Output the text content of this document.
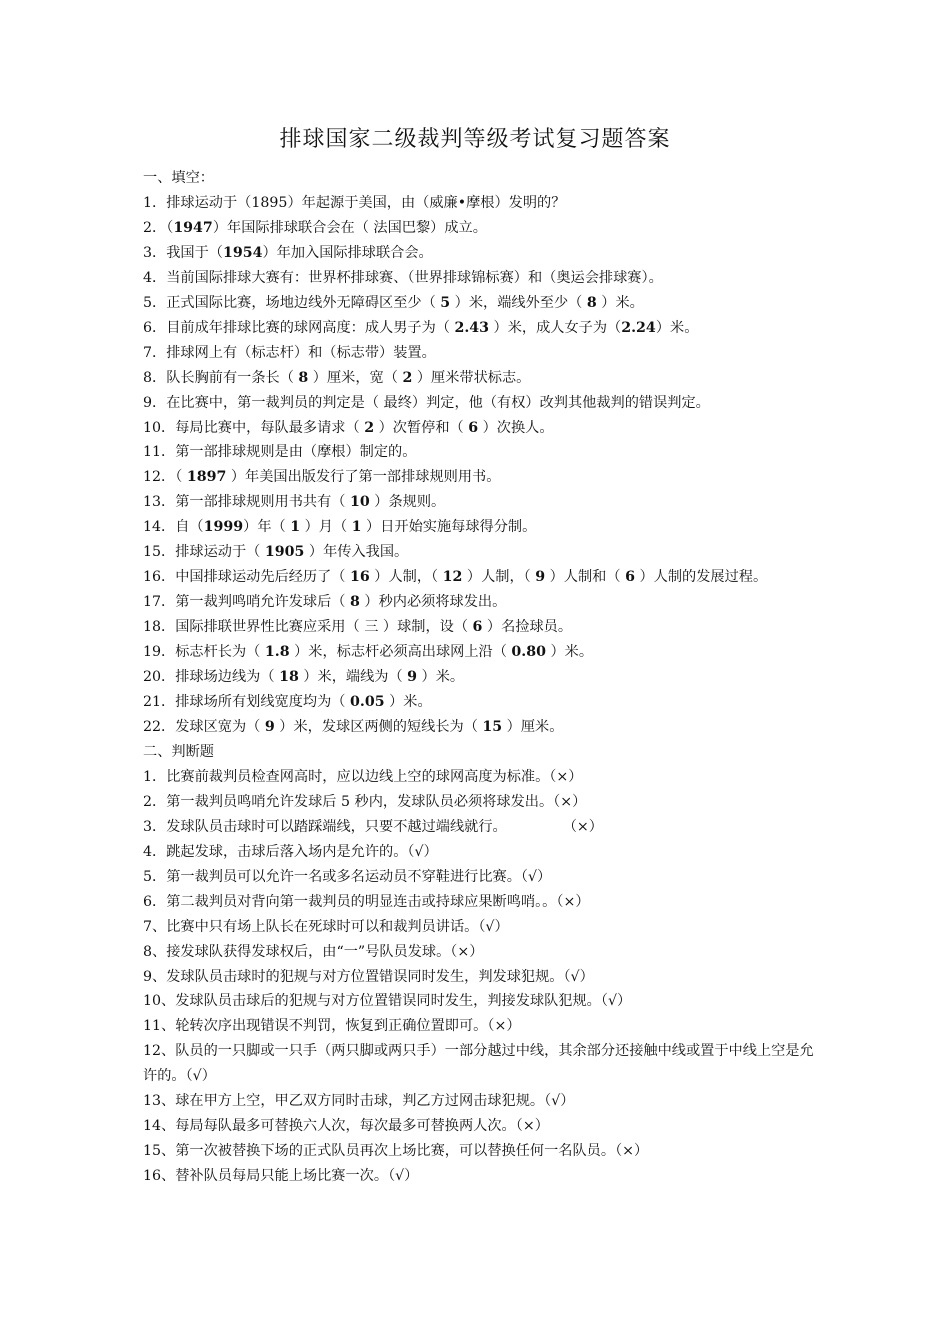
排球国家二级裁判等级考试复习题答案
一、填空：
1．排球运动于（1895）年起源于美国，由（威廉•摩根）发明的？
2．（1947）年国际排球联合会在（ 法国巴黎）成立。
3．我国于（1954）年加入国际排球联合会。
4．当前国际排球大赛有：世界杯排球赛、（世界排球锦标赛）和（奥运会排球赛）。
5．正式国际比赛，场地边线外无障碍区至少（ 5 ）米，端线外至少（ 8 ）米。
6．目前成年排球比赛的球网高度：成人男子为（ 2.43 ）米，成人女子为（2.24）米。
7．排球网上有（标志杆）和（标志带）装置。
8．队长胸前有一条长（ 8 ）厘米，宽（ 2 ）厘米带状标志。
9．在比赛中，第一裁判员的判定是（ 最终）判定，他（有权）改判其他裁判的错误判定。
10．每局比赛中，每队最多请求（ 2 ）次暂停和（ 6 ）次换人。
11．第一部排球规则是由（摩根）制定的。
12．（ 1897 ）年美国出版发行了第一部排球规则用书。
13．第一部排球规则用书共有（ 10 ）条规则。
14．自（1999）年（ 1 ）月（ 1 ）日开始实施每球得分制。
15．排球运动于（ 1905 ）年传入我国。
16．中国排球运动先后经历了（ 16 ）人制，（ 12 ）人制，（ 9 ）人制和（ 6 ）人制的发展过程。
17．第一裁判鸣哨允许发球后（ 8 ）秒内必须将球发出。
18．国际排联世界性比赛应采用（ 三 ）球制，设（ 6 ）名捡球员。
19．标志杆长为（ 1.8 ）米，标志杆必须高出球网上沿（ 0.80 ）米。
20．排球场边线为（ 18 ）米，端线为（ 9 ）米。
21．排球场所有划线宽度均为（ 0.05 ）米。
22．发球区宽为（ 9 ）米，发球区两侧的短线长为（ 15 ）厘米。
二、判断题
1．比赛前裁判员检查网高时，应以边线上空的球网高度为标准。（×）
2．第一裁判员鸣哨允许发球后 5 秒内，发球队员必须将球发出。（×）
3．发球队员击球时可以踏踩端线，只要不越过端线就行。	（×）
4．跳起发球，击球后落入场内是允许的。（√）
5．第一裁判员可以允许一名或多名运动员不穿鞋进行比赛。（√）
6．第二裁判员对背向第一裁判员的明显连击或持球应果断鸣哨。。（×）
7、比赛中只有场上队长在死球时可以和裁判员讲话。（√）
8、接发球队获得发球权后，由“一”号队员发球。（×）
9、发球队员击球时的犯规与对方位置错误同时发生，判发球犯规。（√）
10、发球队员击球后的犯规与对方位置错误同时发生，判接发球队犯规。（√）
11、轮转次序出现错误不判罚，恢复到正确位置即可。（×）
12、队员的一只脚或一只手（两只脚或两只手）一部分越过中线，其余部分还接触中线或置于中线上空是允许的。（√）
13、球在甲方上空，甲乙双方同时击球，判乙方过网击球犯规。（√）
14、每局每队最多可替换六人次，每次最多可替换两人次。（×）
15、第一次被替换下场的正式队员再次上场比赛，可以替换任何一名队员。（×）
16、替补队员每局只能上场比赛一次。（√）
